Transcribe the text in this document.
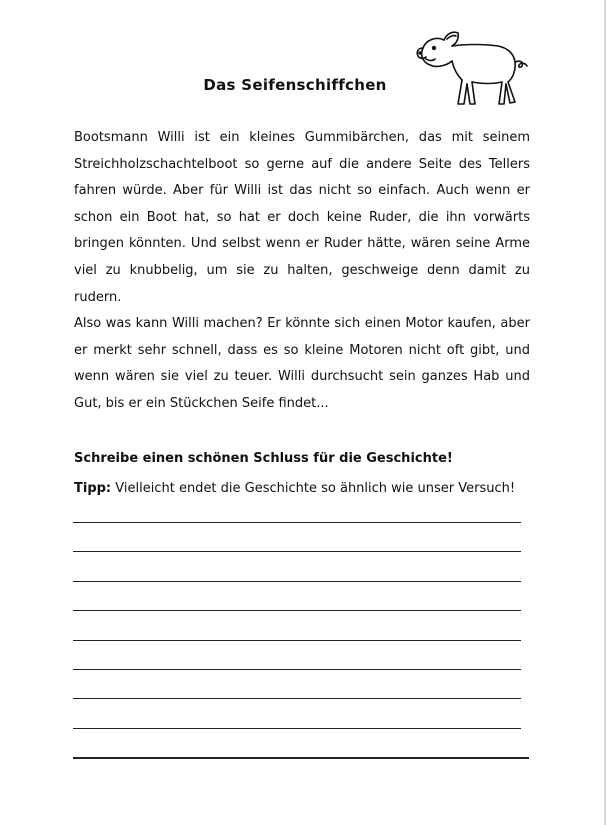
Das Seifenschiffchen
Bootsmann Willi ist ein kleines Gummibärchen, das mit seinem
Streichholzschachtelboot so gerne auf die andere Seite des Tellers
fahren würde. Aber für Willi ist das nicht so einfach. Auch wenn er
schon ein Boot hat, so hat er doch keine Ruder, die ihn vorwärts
bringen könnten. Und selbst wenn er Ruder hätte, wären seine Arme
viel zu knubbelig, um sie zu halten, geschweige denn damit zu rudern.
Also was kann Willi machen? Er könnte sich einen Motor kaufen, aber
er merkt sehr schnell, dass es so kleine Motoren nicht oft gibt, und
wenn wären sie viel zu teuer. Willi durchsucht sein ganzes Hab und
Gut, bis er ein Stückchen Seife findet...
Schreibe einen schönen Schluss für die Geschichte!
Tipp: Vielleicht endet die Geschichte so ähnlich wie unser Versuch!
